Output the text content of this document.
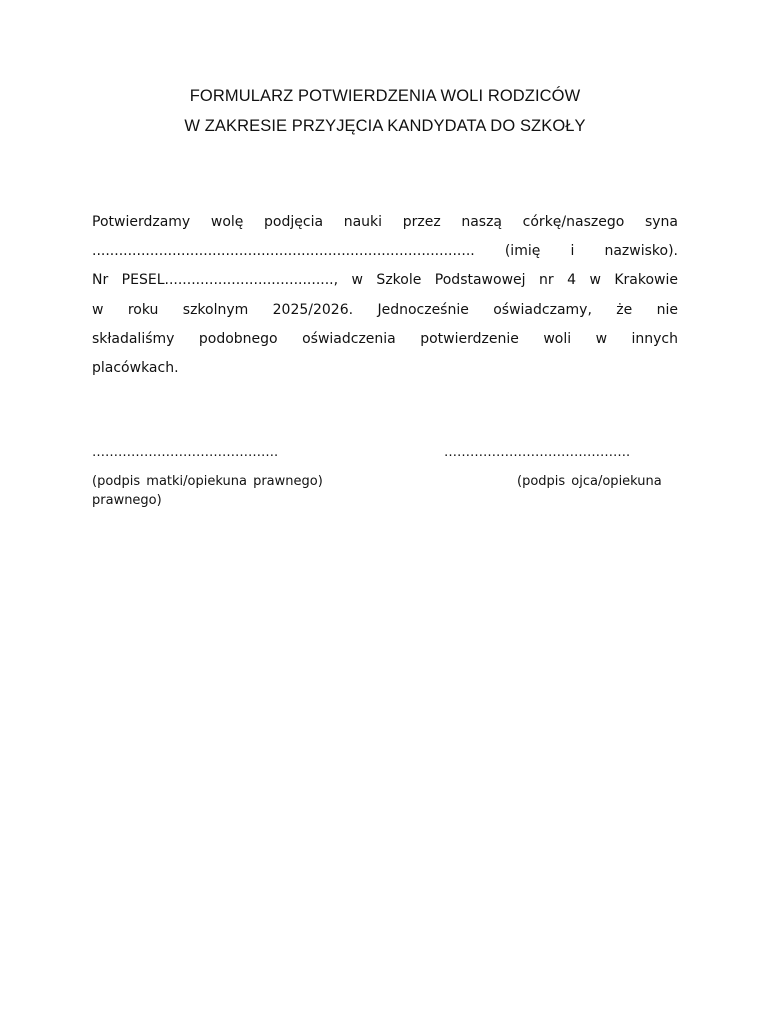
FORMULARZ POTWIERDZENIA WOLI RODZICÓW
W ZAKRESIE PRZYJĘCIA KANDYDATA DO SZKOŁY
Potwierdzamy wolę podjęcia nauki przez naszą córkę/naszego syna
...................................................................................... (imię i nazwisko).
Nr PESEL......................................, w Szkole Podstawowej nr 4 w Krakowie
w roku szkolnym 2025/2026. Jednocześnie oświadczamy, że nie
składaliśmy podobnego oświadczenia potwierdzenie woli w innych
placówkach.
…………………………………….	…………………………………….
(podpis matki/opiekuna prawnego)
prawnego)
(podpis ojca/opiekuna
